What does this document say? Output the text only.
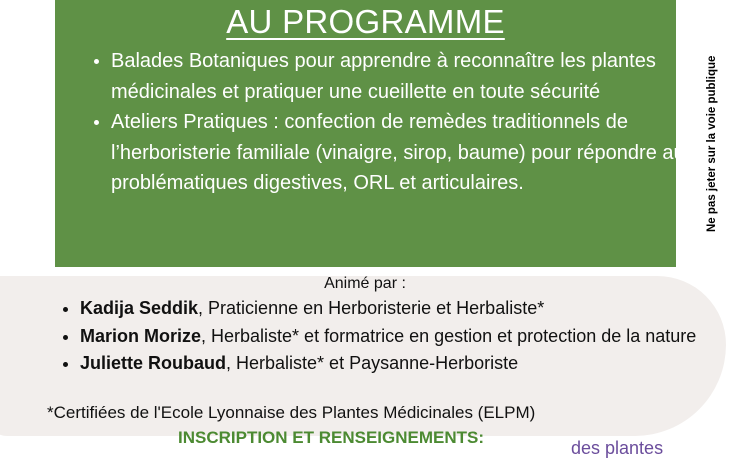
AU PROGRAMME
• Balades Botaniques pour apprendre à reconnaître les plantes médicinales et pratiquer une cueillette en toute sécurité
• Ateliers Pratiques : confection de remèdes traditionnels de l’herboristerie familiale (vinaigre, sirop, baume) pour répondre aux problématiques digestives, ORL et articulaires.
Animé par :
• Kadija Seddik, Praticienne en Herboristerie et Herbaliste*
• Marion Morize, Herbaliste* et formatrice en gestion et protection de la nature
• Juliette Roubaud, Herbaliste* et Paysanne-Herboriste
*Certifiées de l'Ecole Lyonnaise des Plantes Médicinales (ELPM)
INSCRIPTION ET RENSEIGNEMENTS:
des plantes
Ne pas jeter sur la voie publique
